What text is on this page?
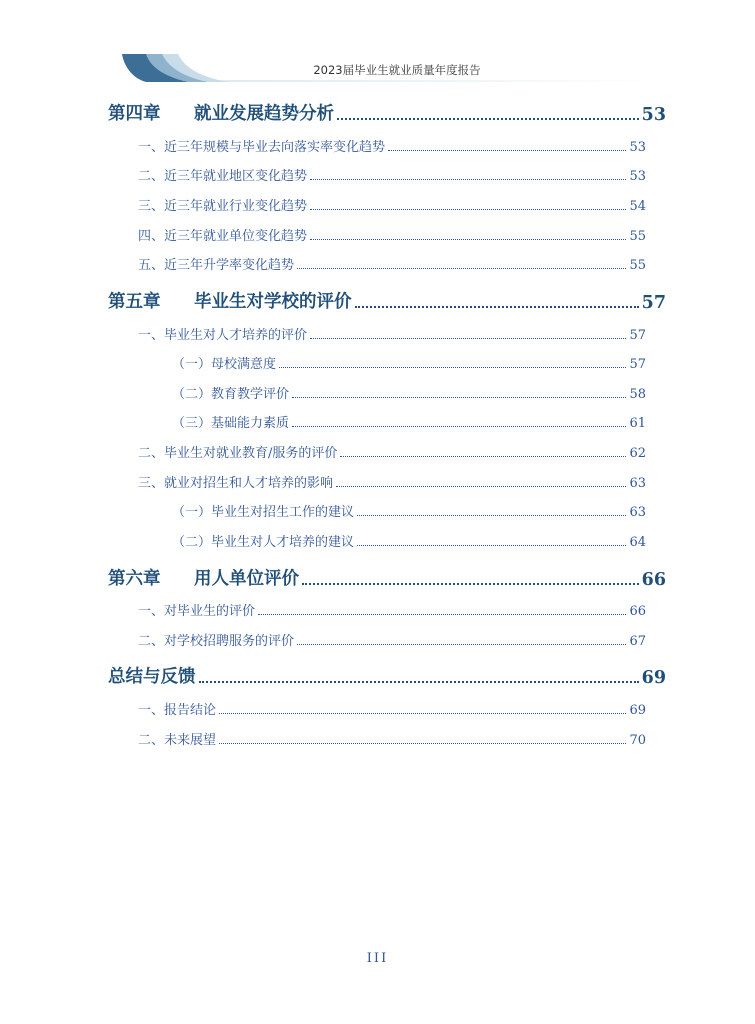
2023届毕业生就业质量年度报告
第四章	就业发展趋势分析	53
一、近三年规模与毕业去向落实率变化趋势	53
二、近三年就业地区变化趋势	53
三、近三年就业行业变化趋势	54
四、近三年就业单位变化趋势	55
五、近三年升学率变化趋势	55
第五章	毕业生对学校的评价	57
一、毕业生对人才培养的评价	57
（一）母校满意度	57
（二）教育教学评价	58
（三）基础能力素质	61
二、毕业生对就业教育/服务的评价	62
三、就业对招生和人才培养的影响	63
（一）毕业生对招生工作的建议	63
（二）毕业生对人才培养的建议	64
第六章	用人单位评价	66
一、对毕业生的评价	66
二、对学校招聘服务的评价	67
总结与反馈	69
一、报告结论	69
二、未来展望	70
III
